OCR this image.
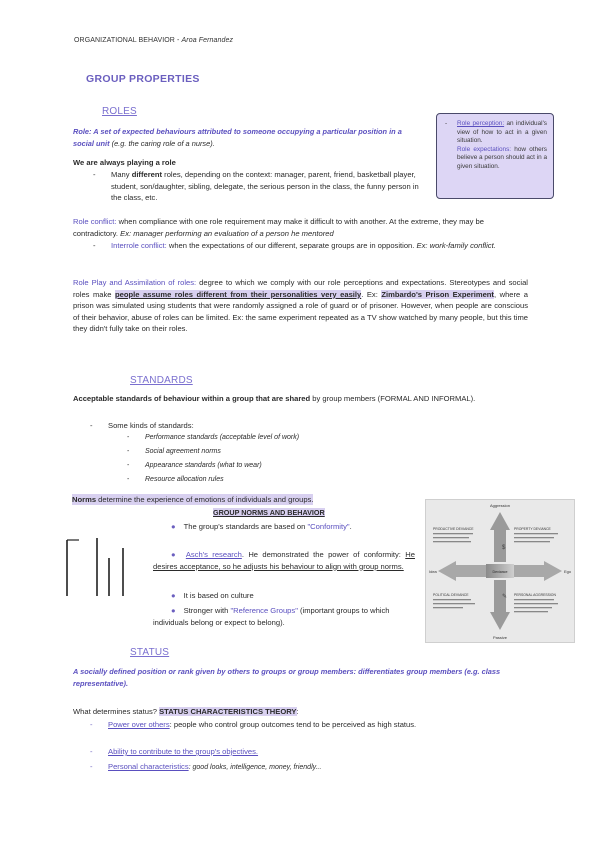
ORGANIZATIONAL BEHAVIOR - Aroa Fernandez
GROUP PROPERTIES
ROLES
Role: A set of expected behaviours attributed to someone occupying a particular position in a social unit (e.g. the caring role of a nurse).
We are always playing a role
- Many different roles, depending on the context: manager, parent, friend, basketball player, student, son/daughter, sibling, delegate, the serious person in the class, the funny person in the class, etc.
- Role perception: an individual's view of how to act in a given situation.
Role expectations: how others believe a person should act in a given situation.
Role conflict: when compliance with one role requirement may make it difficult to with another. At the extreme, they may be contradictory. Ex: manager performing an evaluation of a person he mentored
- Interrole conflict: when the expectations of our different, separate groups are in opposition. Ex: work-family conflict.
Role Play and Assimilation of roles: degree to which we comply with our role perceptions and expectations. Stereotypes and social roles make people assume roles different from their personalities very easily. Ex: Zimbardo's Prison Experiment, where a prison was simulated using students that were randomly assigned a role of guard or of prisoner. However, when people are conscious of their behavior, abuse of roles can be limited. Ex: the same experiment repeated as a TV show watched by many people, but this time they didn't fully take on their roles.
STANDARDS
Acceptable standards of behaviour within a group that are shared by group members (FORMAL AND INFORMAL).
- Some kinds of standards:
- Performance standards (acceptable level of work)
- Social agreement norms
- Appearance standards (what to wear)
- Resource allocation rules
Norms determine the experience of emotions of individuals and groups.
GROUP NORMS AND BEHAVIOR
● The group's standards are based on "Conformity".
● Asch's research. He demonstrated the power of conformity: He desires acceptance, so he adjusts his behaviour to align with group norms.
● It is based on culture
● Stronger with "Reference Groups" (important groups to which individuals belong or expect to belong).
Aggression
Passive
Idea	Ego
Deviance
PRODUCTIVE DEVIANCE	PROPERTY DEVIANCE
POLITICAL DEVIANCE	PERSONAL AGGRESSION
$
✎
STATUS
A socially defined position or rank given by others to groups or group members: differentiates group members (e.g. class representative).
What determines status? STATUS CHARACTERISTICS THEORY:
- Power over others: people who control group outcomes tend to be perceived as high status.
- Ability to contribute to the group's objectives.
- Personal characteristics: good looks, intelligence, money, friendly...
